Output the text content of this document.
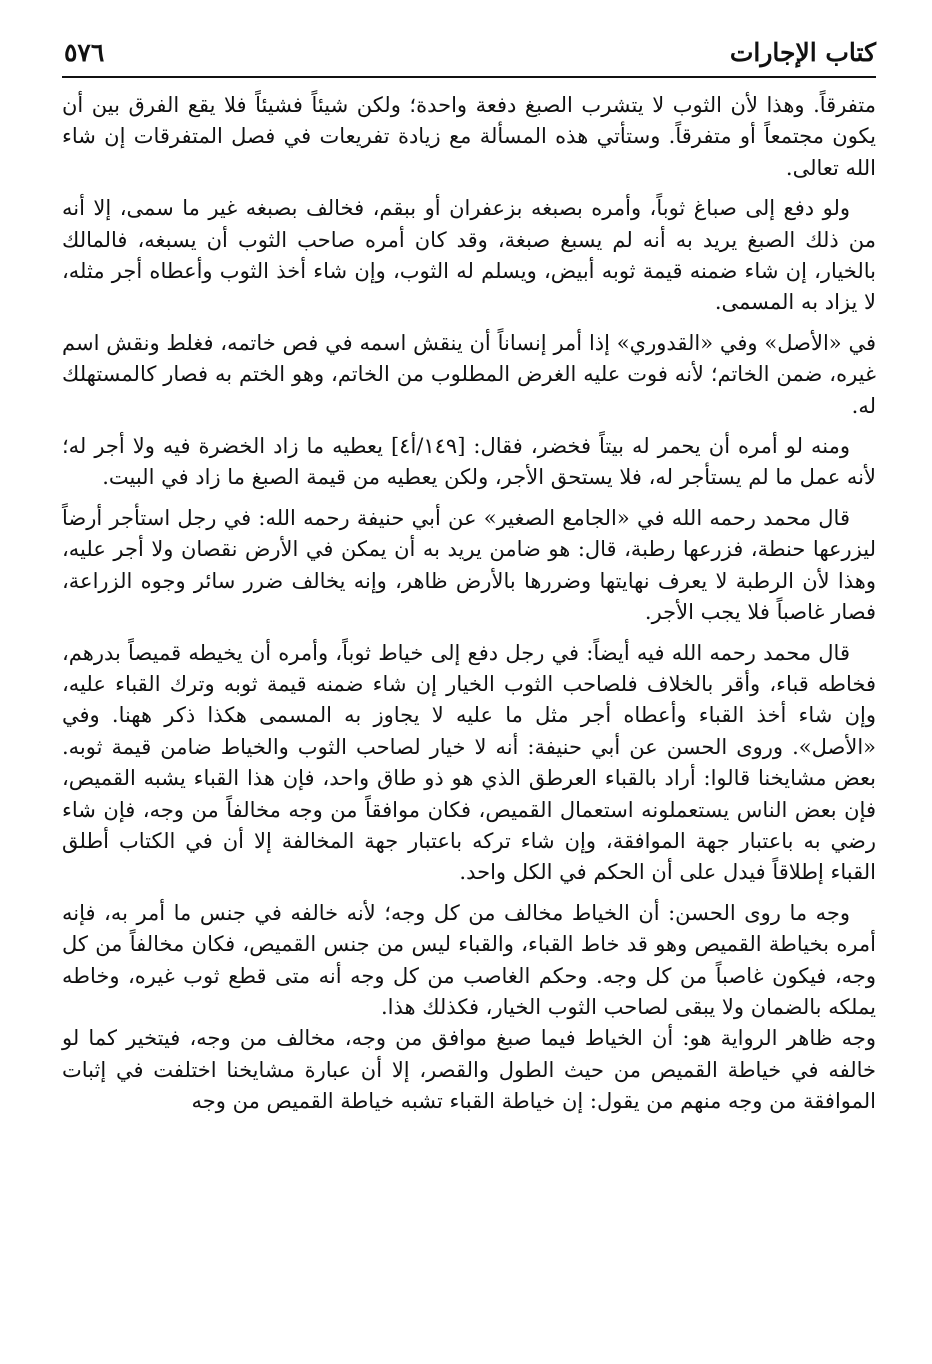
كتاب الإجارات
٥٧٦

متفرقاً. وهذا لأن الثوب لا يتشرب الصبغ دفعة واحدة؛ ولكن شيئاً فشيئاً فلا يقع الفرق بين أن يكون مجتمعاً أو متفرقاً. وستأتي هذه المسألة مع زيادة تفريعات في فصل المتفرقات إن شاء الله تعالى.

ولو دفع إلى صباغ ثوباً، وأمره بصبغه بزعفران أو ببقم، فخالف بصبغه غير ما سمى، إلا أنه من ذلك الصبغ يريد به أنه لم يسبغ صبغة، وقد كان أمره صاحب الثوب أن يسبغه، فالمالك بالخيار، إن شاء ضمنه قيمة ثوبه أبيض، ويسلم له الثوب، وإن شاء أخذ الثوب وأعطاه أجر مثله، لا يزاد به المسمى.

في «الأصل» وفي «القدوري» إذا أمر إنساناً أن ينقش اسمه في فص خاتمه، فغلط ونقش اسم غيره، ضمن الخاتم؛ لأنه فوت عليه الغرض المطلوب من الخاتم، وهو الختم به فصار كالمستهلك له.

ومنه لو أمره أن يحمر له بيتاً فخضر، فقال: [١٤٩/أ٤] يعطيه ما زاد الخضرة فيه ولا أجر له؛ لأنه عمل ما لم يستأجر له، فلا يستحق الأجر، ولكن يعطيه من قيمة الصبغ ما زاد في البيت.

قال محمد رحمه الله في «الجامع الصغير» عن أبي حنيفة رحمه الله: في رجل استأجر أرضاً ليزرعها حنطة، فزرعها رطبة، قال: هو ضامن يريد به أن يمكن في الأرض نقصان ولا أجر عليه، وهذا لأن الرطبة لا يعرف نهايتها وضررها بالأرض ظاهر، وإنه يخالف ضرر سائر وجوه الزراعة، فصار غاصباً فلا يجب الأجر.

قال محمد رحمه الله فيه أيضاً: في رجل دفع إلى خياط ثوباً، وأمره أن يخيطه قميصاً بدرهم، فخاطه قباء، وأقر بالخلاف فلصاحب الثوب الخيار إن شاء ضمنه قيمة ثوبه وترك القباء عليه، وإن شاء أخذ القباء وأعطاه أجر مثل ما عليه لا يجاوز به المسمى هكذا ذكر ههنا. وفي «الأصل». وروى الحسن عن أبي حنيفة: أنه لا خيار لصاحب الثوب والخياط ضامن قيمة ثوبه. بعض مشايخنا قالوا: أراد بالقباء العرطق الذي هو ذو طاق واحد، فإن هذا القباء يشبه القميص، فإن بعض الناس يستعملونه استعمال القميص، فكان موافقاً من وجه مخالفاً من وجه، فإن شاء رضي به باعتبار جهة الموافقة، وإن شاء تركه باعتبار جهة المخالفة إلا أن في الكتاب أطلق القباء إطلاقاً فيدل على أن الحكم في الكل واحد.

وجه ما روى الحسن: أن الخياط مخالف من كل وجه؛ لأنه خالفه في جنس ما أمر به، فإنه أمره بخياطة القميص وهو قد خاط القباء، والقباء ليس من جنس القميص، فكان مخالفاً من كل وجه، فيكون غاصباً من كل وجه. وحكم الغاصب من كل وجه أنه متى قطع ثوب غيره، وخاطه يملكه بالضمان ولا يبقى لصاحب الثوب الخيار، فكذلك هذا.

وجه ظاهر الرواية هو: أن الخياط فيما صبغ موافق من وجه، مخالف من وجه، فيتخير كما لو خالفه في خياطة القميص من حيث الطول والقصر، إلا أن عبارة مشايخنا اختلفت في إثبات الموافقة من وجه منهم من يقول: إن خياطة القباء تشبه خياطة القميص من وجه
